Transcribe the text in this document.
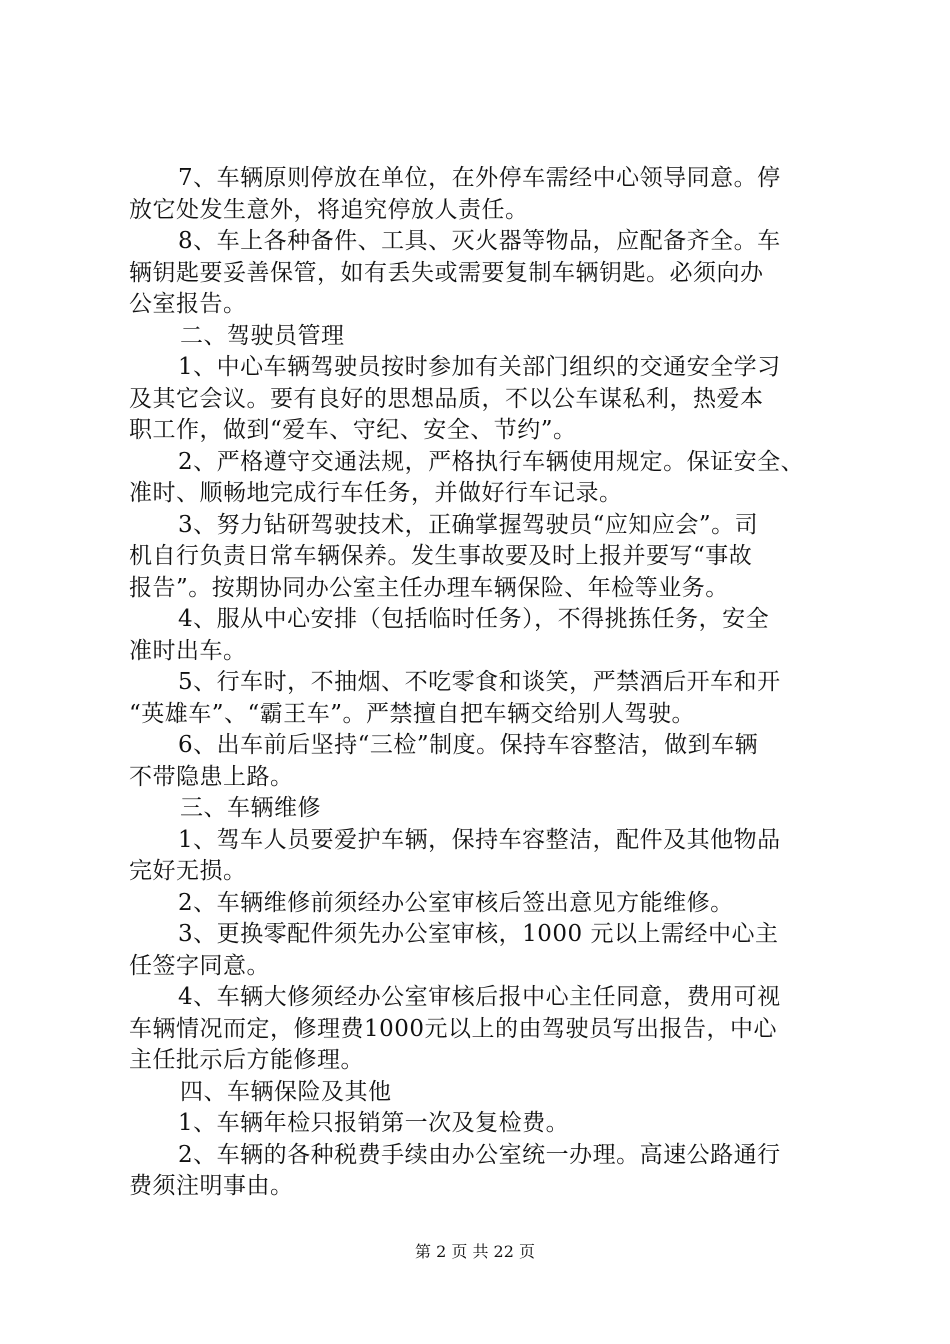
7、车辆原则停放在单位，在外停车需经中心领导同意。停
放它处发生意外，将追究停放人责任。
8、车上各种备件、工具、灭火器等物品，应配备齐全。车
辆钥匙要妥善保管，如有丢失或需要复制车辆钥匙。必须向办
公室报告。
二、驾驶员管理
1、中心车辆驾驶员按时参加有关部门组织的交通安全学习
及其它会议。要有良好的思想品质，不以公车谋私利，热爱本
职工作，做到“爱车、守纪、安全、节约”。
2、严格遵守交通法规，严格执行车辆使用规定。保证安全、
准时、顺畅地完成行车任务，并做好行车记录。
3、努力钻研驾驶技术，正确掌握驾驶员“应知应会”。司
机自行负责日常车辆保养。发生事故要及时上报并要写“事故
报告”。按期协同办公室主任办理车辆保险、年检等业务。
4、服从中心安排（包括临时任务），不得挑拣任务，安全
准时出车。
5、行车时，不抽烟、不吃零食和谈笑，严禁酒后开车和开
“英雄车”、“霸王车”。严禁擅自把车辆交给别人驾驶。
6、出车前后坚持“三检”制度。保持车容整洁，做到车辆
不带隐患上路。
三、车辆维修
1、驾车人员要爱护车辆，保持车容整洁，配件及其他物品
完好无损。
2、车辆维修前须经办公室审核后签出意见方能维修。
3、更换零配件须先办公室审核，1000 元以上需经中心主
任签字同意。
4、车辆大修须经办公室审核后报中心主任同意，费用可视
车辆情况而定，修理费1000元以上的由驾驶员写出报告，中心
主任批示后方能修理。
四、车辆保险及其他
1、车辆年检只报销第一次及复检费。
2、车辆的各种税费手续由办公室统一办理。高速公路通行
费须注明事由。
第 2 页 共 22 页
